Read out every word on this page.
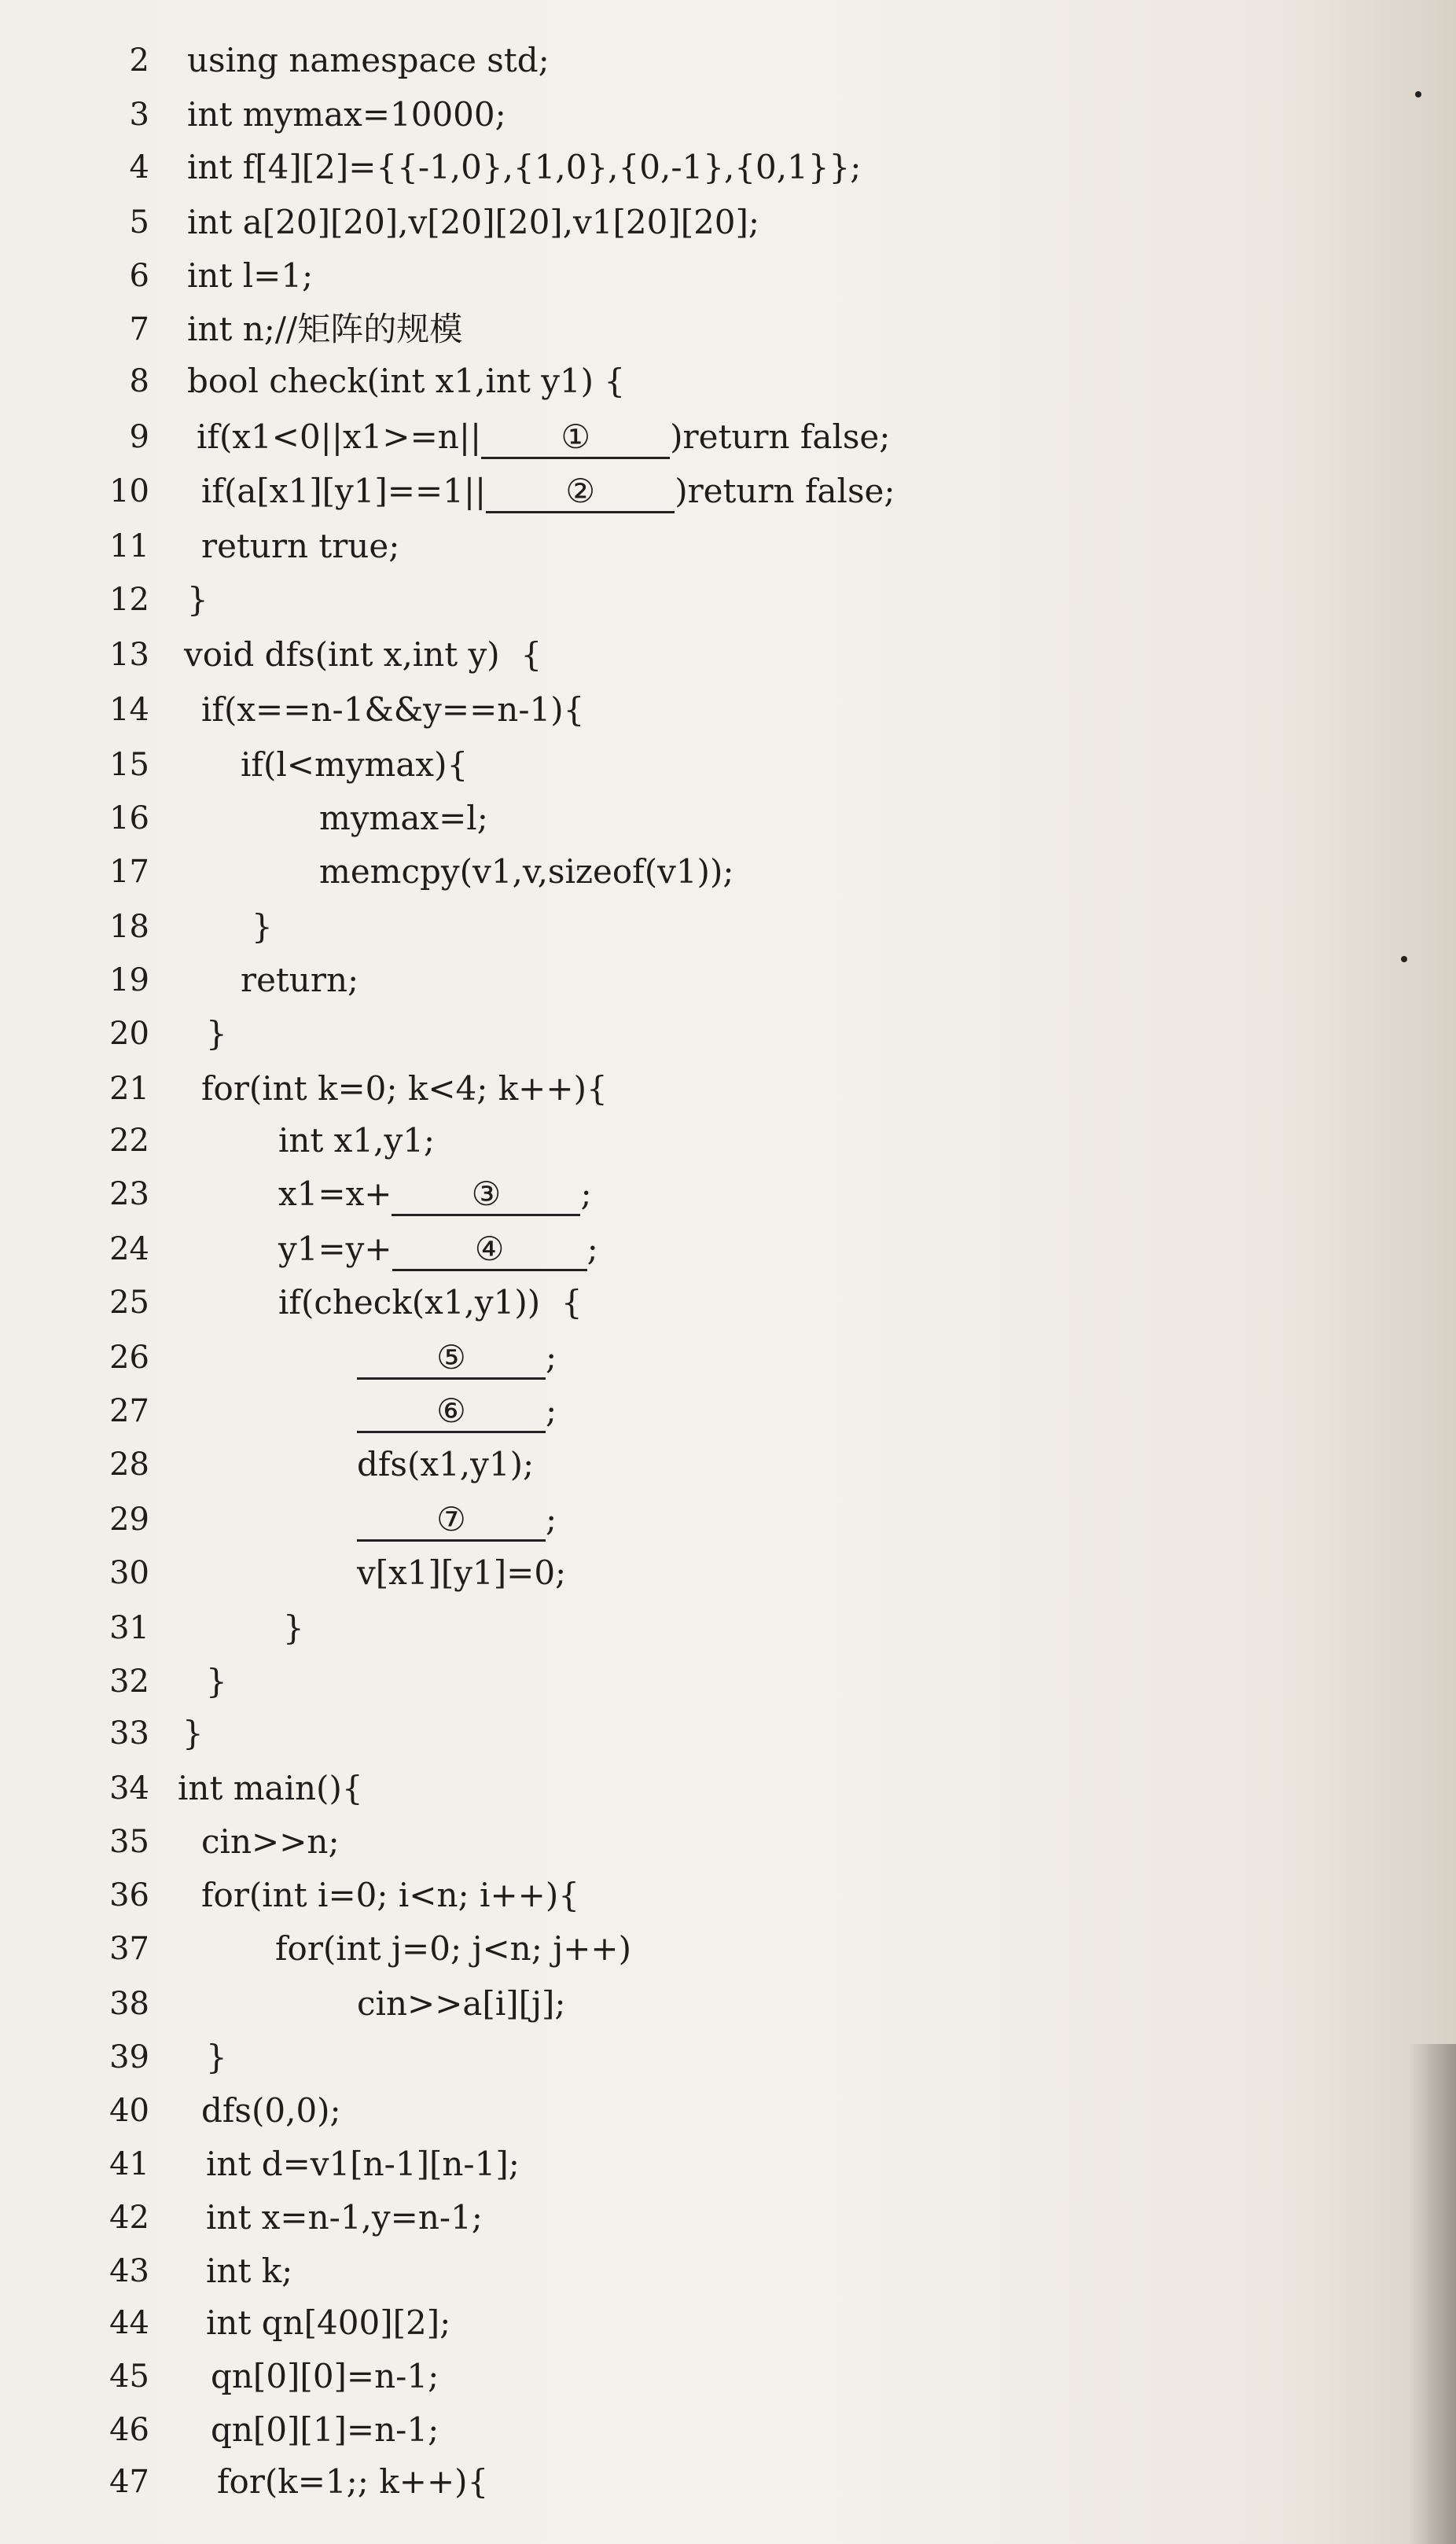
2 using namespace std;
3 int mymax=10000;
4 int f[4][2]={{-1,0},{1,0},{0,-1},{0,1}};
5 int a[20][20],v[20][20],v1[20][20];
6 int l=1;
7 int n;//矩阵的规模
8 bool check(int x1,int y1) {
9 if(x1<0||x1>=n|| ① )return false;
10 if(a[x1][y1]==1|| ② )return false;
11 return true;
12 }
13 void dfs(int x,int y)  {
14 if(x==n-1&&y==n-1){
15	if(l<mymax){
16	mymax=l;
17	memcpy(v1,v,sizeof(v1));
18	}
19	return;
20 }
21 for(int k=0; k<4; k++){
22	int x1,y1;
23	x1=x+ ③ ;
24	y1=y+	④	;
25	if(check(x1,y1))  {
26	⑤ ;
27	⑥ ;
28	dfs(x1,y1);
29	⑦ ;
30	v[x1][y1]=0;
31	}
32 }
33 }
34 int main(){
35 cin>>n;
36 for(int i=0; i<n; i++){
37	for(int j=0; j<n; j++)
38	cin>>a[i][j];
39 }
40 dfs(0,0);
41 int d=v1[n-1][n-1];
42 int x=n-1,y=n-1;
43 int k;
44 int qn[400][2];
45 qn[0][0]=n-1;
46 qn[0][1]=n-1;
47 for(k=1;; k++){
